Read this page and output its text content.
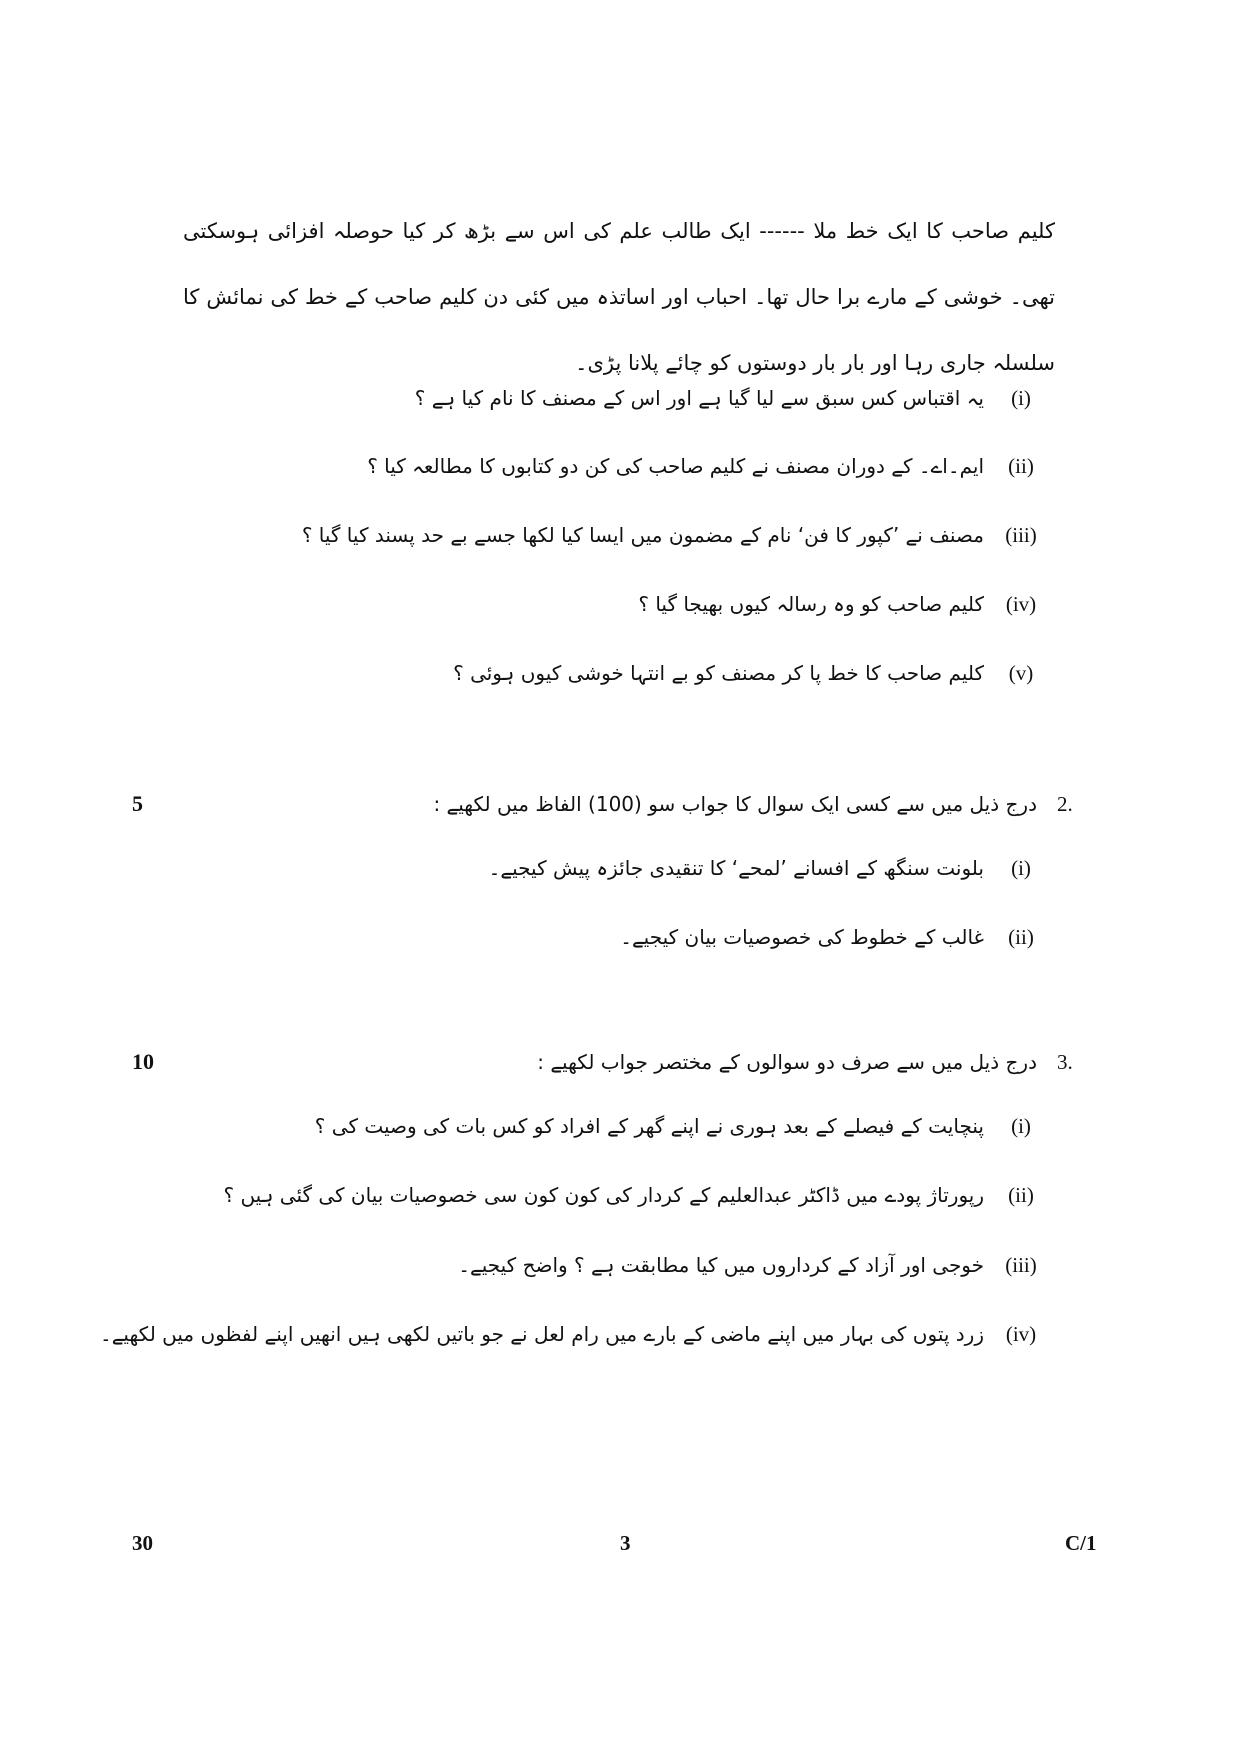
کلیم صاحب کا ایک خط ملا ------ ایک طالب علم کی اس سے بڑھ کر کیا حوصلہ افزائی ہوسکتی تھی۔ خوشی کے مارے برا حال تھا۔ احباب اور اساتذہ میں کئی دن کلیم صاحب کے خط کی نمائش کا سلسلہ جاری رہا اور بار بار دوستوں کو چائے پلانا پڑی۔
(i)
یہ اقتباس کس سبق سے لیا گیا ہے اور اس کے مصنف کا نام کیا ہے ؟
(ii)
ایم۔اے۔ کے دوران مصنف نے کلیم صاحب کی کن دو کتابوں کا مطالعہ کیا ؟
(iii)
مصنف نے ’کپور کا فن‘ نام کے مضمون میں ایسا کیا لکھا جسے بے حد پسند کیا گیا ؟
(iv)
کلیم صاحب کو وہ رسالہ کیوں بھیجا گیا ؟
(v)
کلیم صاحب کا خط پا کر مصنف کو بے انتہا خوشی کیوں ہوئی ؟
5	2.
درج ذیل میں سے کسی ایک سوال کا جواب سو (100) الفاظ میں لکھیے :
(i)
بلونت سنگھ کے افسانے ’لمحے‘ کا تنقیدی جائزہ پیش کیجیے۔
(ii)
غالب کے خطوط کی خصوصیات بیان کیجیے۔
10	3.
درج ذیل میں سے صرف دو سوالوں کے مختصر جواب لکھیے :
(i)
پنچایت کے فیصلے کے بعد ہوری نے اپنے گھر کے افراد کو کس بات کی وصیت کی ؟
(ii)
رپورتاژ پودے میں ڈاکٹر عبدالعلیم کے کردار کی کون کون سی خصوصیات بیان کی گئی ہیں ؟
(iii)
خوجی اور آزاد کے کرداروں میں کیا مطابقت ہے ؟ واضح کیجیے۔
(iv)
زرد پتوں کی بہار میں اپنے ماضی کے بارے میں رام لعل نے جو باتیں لکھی ہیں انھیں اپنے لفظوں میں لکھیے۔
30	3	C/1
